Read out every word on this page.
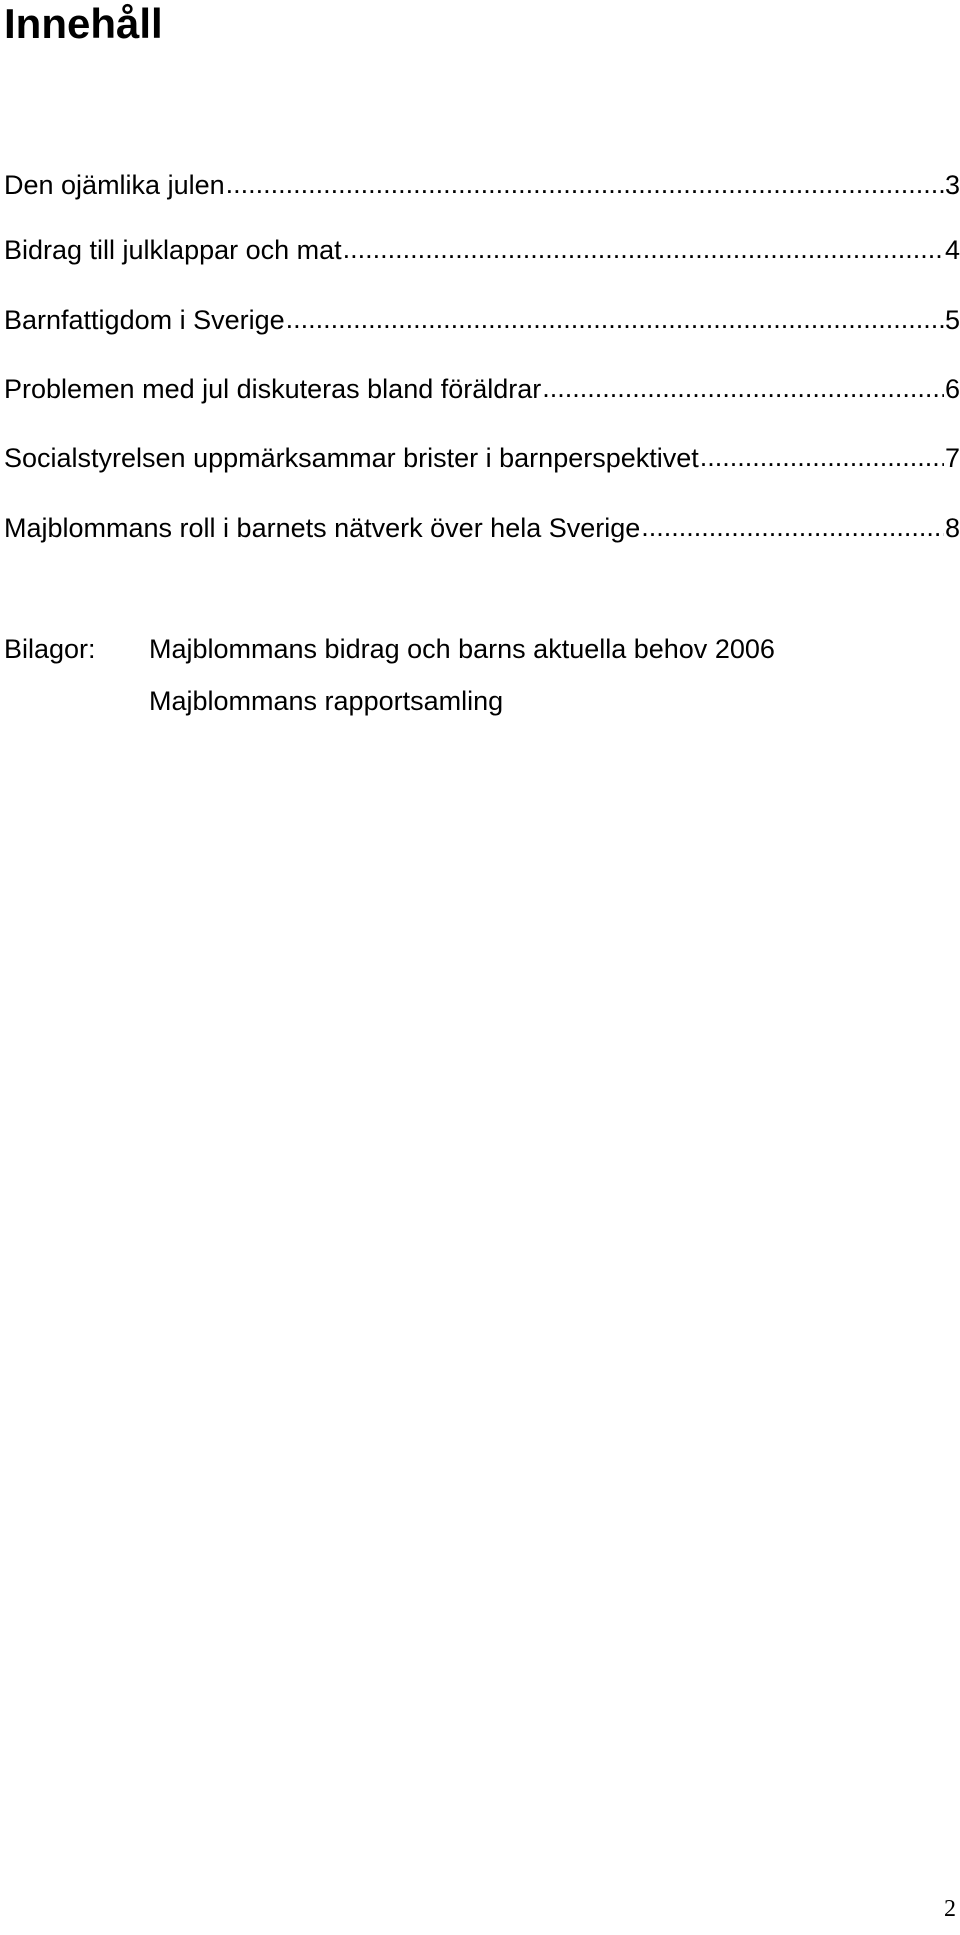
Innehåll
Den ojämlika julen .....	3
Bidrag till julklappar och mat .....	4
Barnfattigdom i Sverige .....	5
Problemen med jul diskuteras bland föräldrar .....	6
Socialstyrelsen uppmärksammar brister i barnperspektivet .....	7
Majblommans roll i barnets nätverk över hela Sverige .....	8
Bilagor: Majblommans bidrag och barns aktuella behov 2006
Majblommans rapportsamling
2
